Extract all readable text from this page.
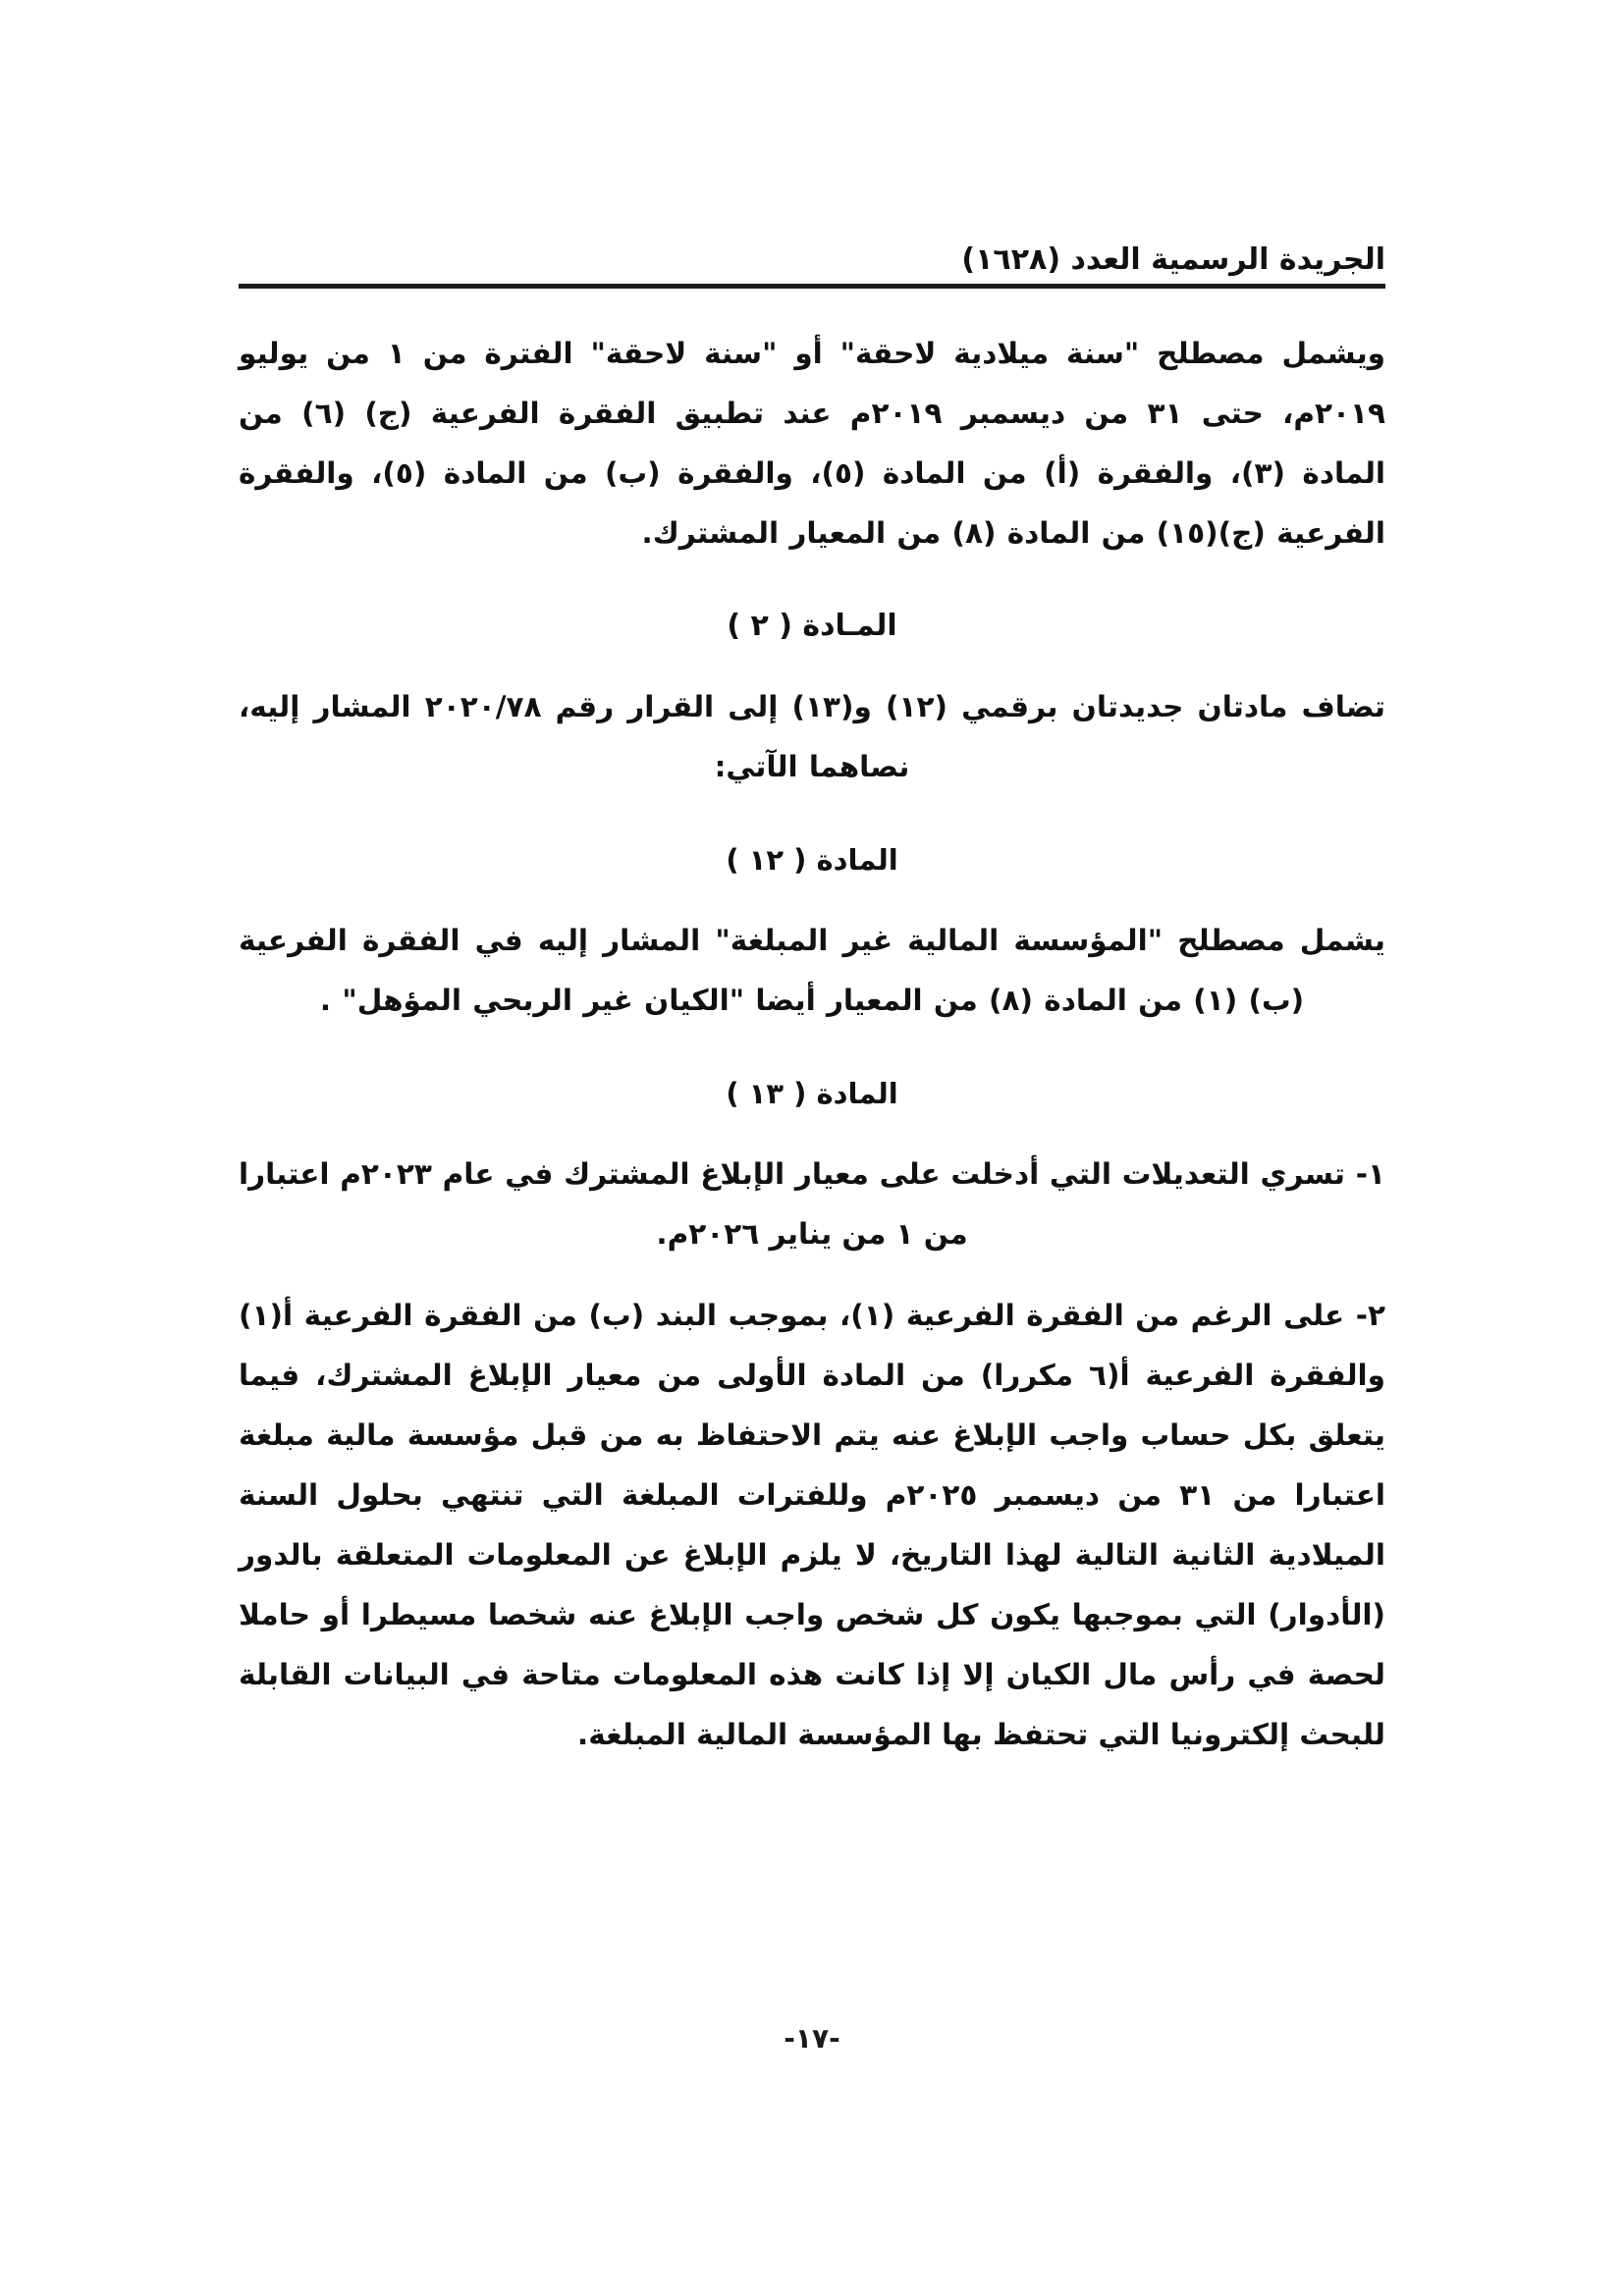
الجريدة الرسمية العدد (١٦٢٨)

ويشمل مصطلح "سنة ميلادية لاحقة" أو "سنة لاحقة" الفترة من ١ من يوليو ٢٠١٩م، حتى ٣١ من ديسمبر ٢٠١٩م عند تطبيق الفقرة الفرعية (ج) (٦) من المادة (٣)، والفقرة (أ) من المادة (٥)، والفقرة (ب) من المادة (٥)، والفقرة الفرعية (ج)(١٥) من المادة (٨) من المعيار المشترك.

المـادة ( ٢ )

تضاف مادتان جديدتان برقمي (١٢) و(١٣) إلى القرار رقم ٢٠٢٠/٧٨ المشار إليه، نصاهما الآتي:

المادة ( ١٢ )

يشمل مصطلح "المؤسسة المالية غير المبلغة" المشار إليه في الفقرة الفرعية (ب) (١) من المادة (٨) من المعيار أيضا "الكيان غير الربحي المؤهل" .

المادة ( ١٣ )

١- تسري التعديلات التي أدخلت على معيار الإبلاغ المشترك في عام ٢٠٢٣م اعتبارا من ١ من يناير ٢٠٢٦م.

٢- على الرغم من الفقرة الفرعية (١)، بموجب البند (ب) من الفقرة الفرعية أ(١) والفقرة الفرعية أ(٦ مكررا) من المادة الأولى من معيار الإبلاغ المشترك، فيما يتعلق بكل حساب واجب الإبلاغ عنه يتم الاحتفاظ به من قبل مؤسسة مالية مبلغة اعتبارا من ٣١ من ديسمبر ٢٠٢٥م وللفترات المبلغة التي تنتهي بحلول السنة الميلادية الثانية التالية لهذا التاريخ، لا يلزم الإبلاغ عن المعلومات المتعلقة بالدور (الأدوار) التي بموجبها يكون كل شخص واجب الإبلاغ عنه شخصا مسيطرا أو حاملا لحصة في رأس مال الكيان إلا إذا كانت هذه المعلومات متاحة في البيانات القابلة للبحث إلكترونيا التي تحتفظ بها المؤسسة المالية المبلغة.

-١٧-
